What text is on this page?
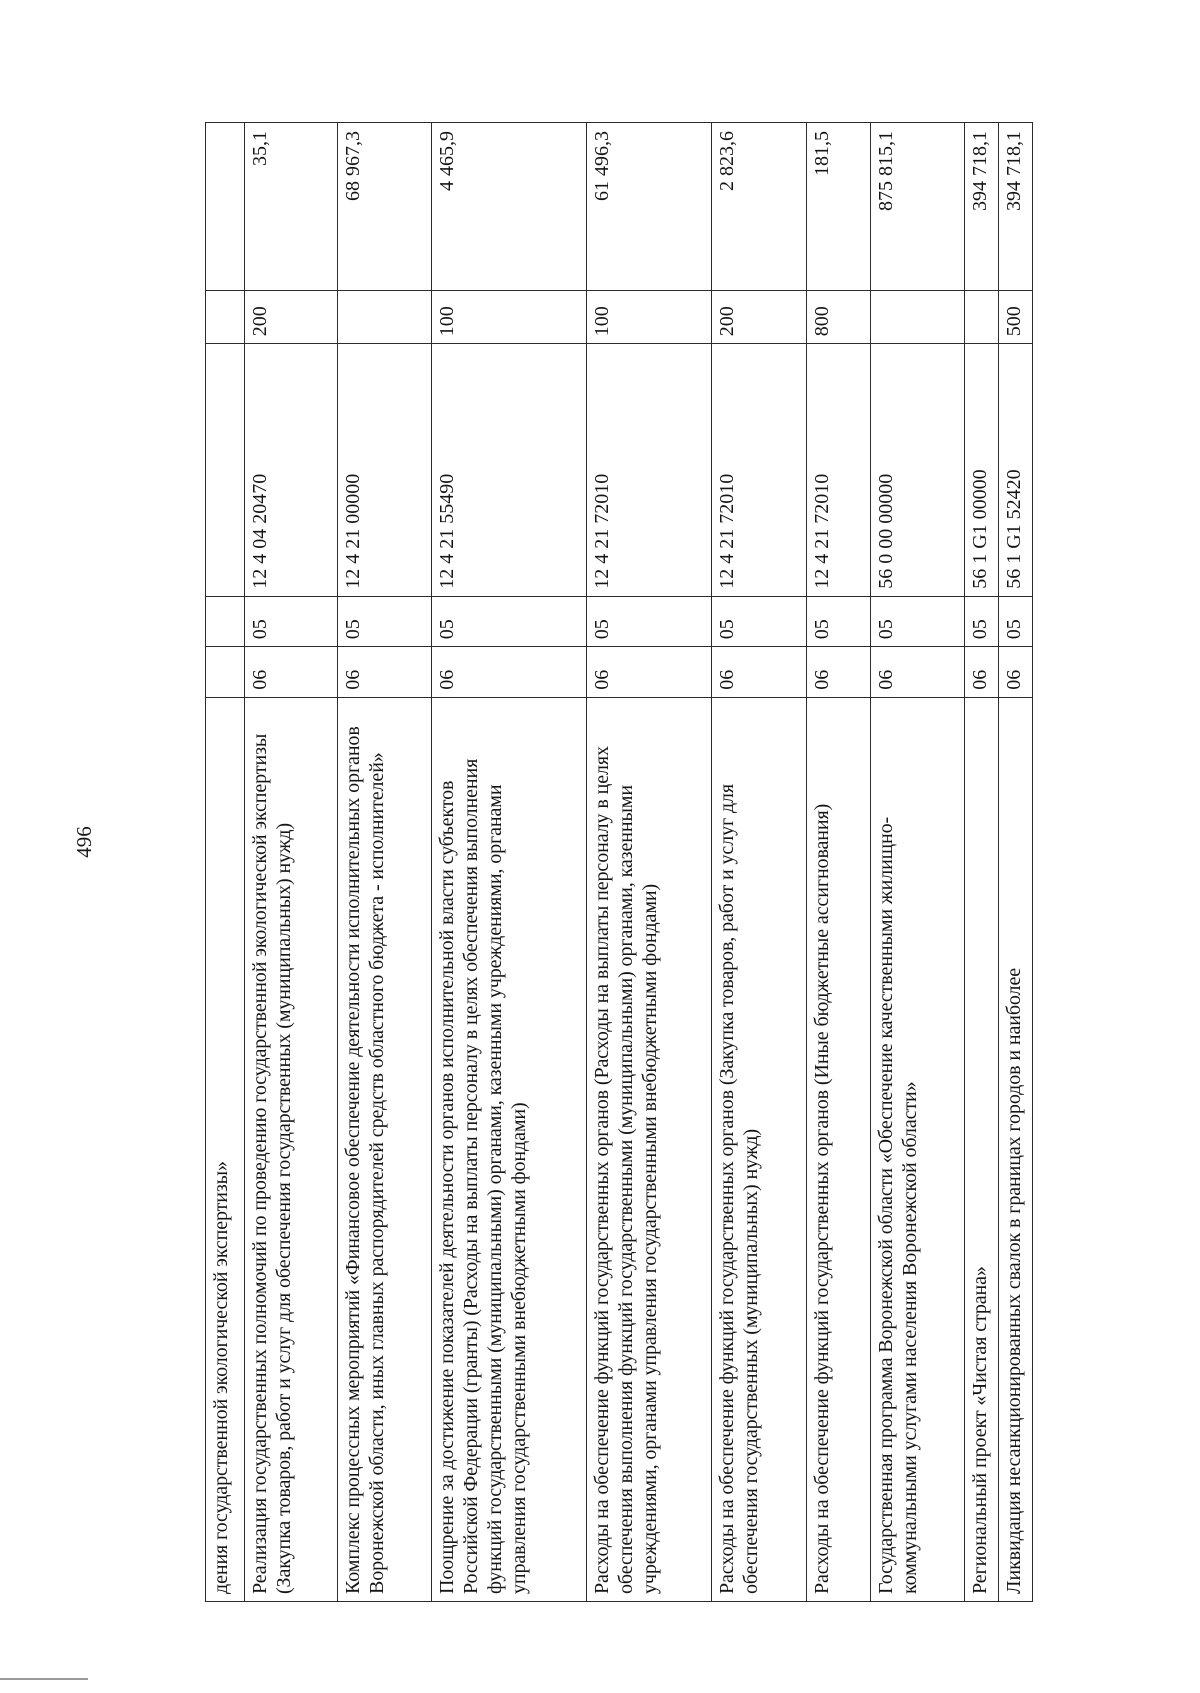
496
дения государственной экологической экспертизы»					
Реализация государственных полномочий по проведению государственной экологической экспертизы (Закупка товаров, работ и услуг для обеспечения государственных (муниципальных) нужд)	06	05	12 4 04 20470	200	35,1
Комплекс процессных мероприятий «Финансовое обеспечение деятельности исполнительных органов Воронежской области, иных главных распорядителей средств областного бюджета - исполнителей»	06	05	12 4 21 00000		68 967,3
Поощрение за достижение показателей деятельности органов исполнительной власти субъектов Российской Федерации (гранты) (Расходы на выплаты персоналу в целях обеспечения выполнения функций государственными (муниципальными) органами, казенными учреждениями, органами управления государственными внебюджетными фондами)	06	05	12 4 21 55490	100	4 465,9
Расходы на обеспечение функций государственных органов (Расходы на выплаты персоналу в целях обеспечения выполнения функций государственными (муниципальными) органами, казенными учреждениями, органами управления государственными внебюджетными фондами)	06	05	12 4 21 72010	100	61 496,3
Расходы на обеспечение функций государственных органов (Закупка товаров, работ и услуг для обеспечения государственных (муниципальных) нужд)	06	05	12 4 21 72010	200	2 823,6
Расходы на обеспечение функций государственных органов (Иные бюджетные ассигнования)	06	05	12 4 21 72010	800	181,5
Государственная программа Воронежской области «Обеспечение качественными жилищно-коммунальными услугами населения Воронежской области»	06	05	56 0 00 00000		875 815,1
Региональный проект «Чистая страна»	06	05	56 1 G1 00000		394 718,1
Ликвидация несанкционированных свалок в границах городов и наиболее	06	05	56 1 G1 52420	500	394 718,1
